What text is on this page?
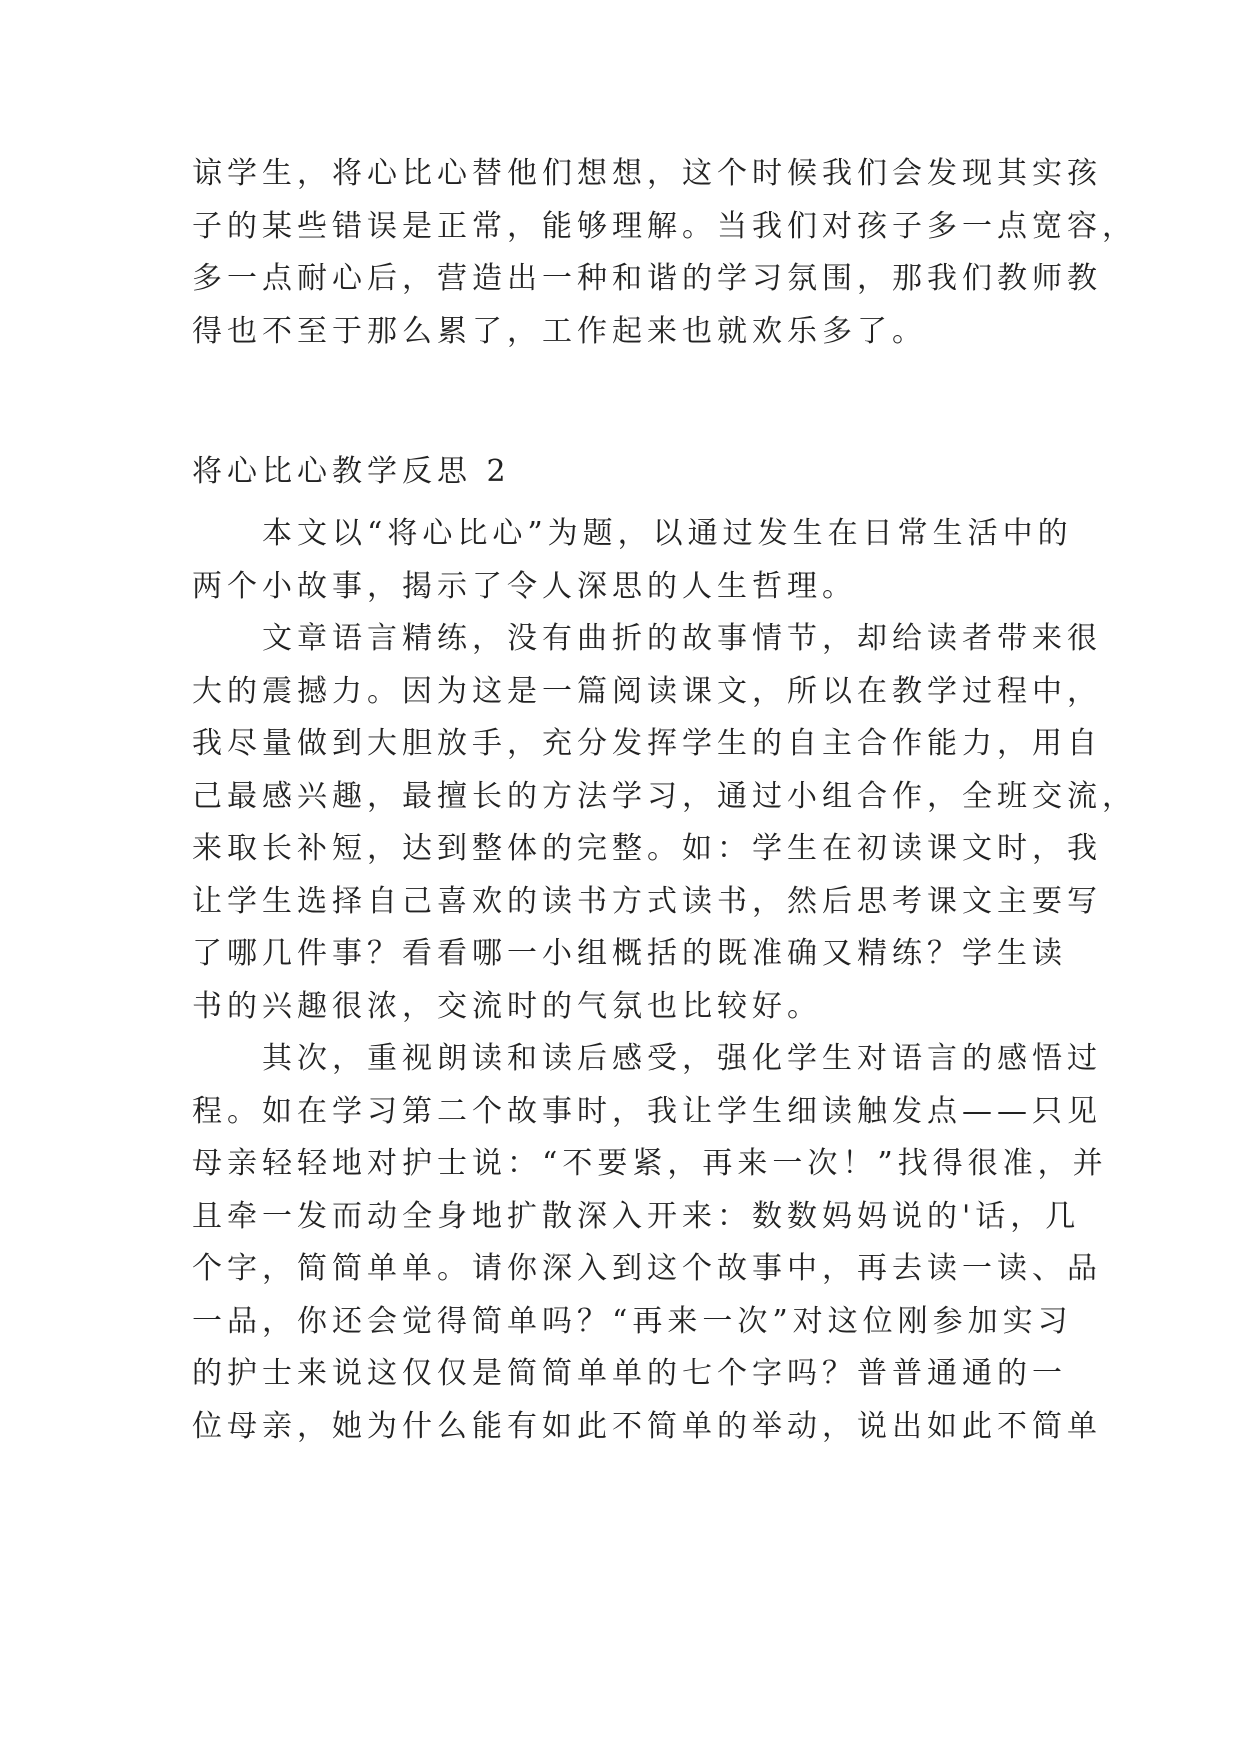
谅学生，将心比心替他们想想，这个时候我们会发现其实孩
子的某些错误是正常，能够理解。当我们对孩子多一点宽容，
多一点耐心后，营造出一种和谐的学习氛围，那我们教师教
得也不至于那么累了，工作起来也就欢乐多了。
将心比心教学反思 2
本文以“将心比心”为题，以通过发生在日常生活中的
两个小故事，揭示了令人深思的人生哲理。
文章语言精练，没有曲折的故事情节，却给读者带来很
大的震撼力。因为这是一篇阅读课文，所以在教学过程中，
我尽量做到大胆放手，充分发挥学生的自主合作能力，用自
己最感兴趣，最擅长的方法学习，通过小组合作，全班交流，
来取长补短，达到整体的完整。如：学生在初读课文时，我
让学生选择自己喜欢的读书方式读书，然后思考课文主要写
了哪几件事？看看哪一小组概括的既准确又精练？学生读
书的兴趣很浓，交流时的气氛也比较好。
其次，重视朗读和读后感受，强化学生对语言的感悟过
程。如在学习第二个故事时，我让学生细读触发点——只见
母亲轻轻地对护士说：“不要紧，再来一次！”找得很准，并
且牵一发而动全身地扩散深入开来：数数妈妈说的'话，几
个字，简简单单。请你深入到这个故事中，再去读一读、品
一品，你还会觉得简单吗？“再来一次”对这位刚参加实习
的护士来说这仅仅是简简单单的七个字吗？普普通通的一
位母亲，她为什么能有如此不简单的举动，说出如此不简单
